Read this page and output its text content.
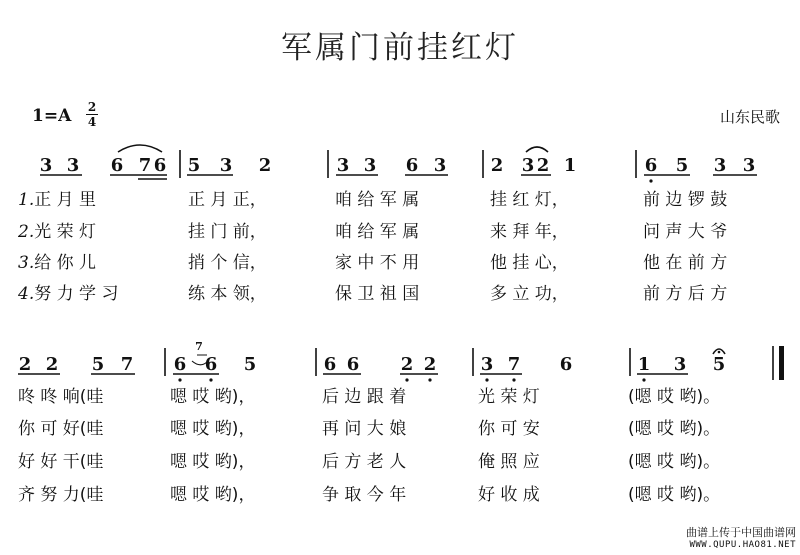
军属门前挂红灯
1=A 2
4	山东民歌
3 3 6 7 6 5 3 2	3 3 6 3 2 3 2 1	6 5 3 3
2 2 5 7 6 6 5	6 6 2 2 3 7 6	1 3 5
7
1.正 月 里
2.光 荣 灯
3.给 你 儿
4.努 力 学 习
正 月 正，
挂 门 前，
捎 个 信，
练 本 领，
咱 给 军 属
咱 给 军 属
家 中 不 用
保 卫 祖 国
挂 红 灯，
来 拜 年，
他 挂 心，
多 立 功，
前 边 锣 鼓
问 声 大 爷
他 在 前 方
前 方 后 方
咚 咚 响(哇
你 可 好(哇
好 好 干(哇
齐 努 力(哇
嗯 哎 哟)，
嗯 哎 哟)，
嗯 哎 哟)，
嗯 哎 哟)，
后 边 跟 着
再 问 大 娘
后 方 老 人
争 取 今 年
光 荣 灯
你 可 安
俺 照 应
好 收 成
(嗯 哎 哟)。
(嗯 哎 哟)。
(嗯 哎 哟)。
(嗯 哎 哟)。
曲谱上传于中国曲谱网
WWW.QUPU.HAO81.NET
